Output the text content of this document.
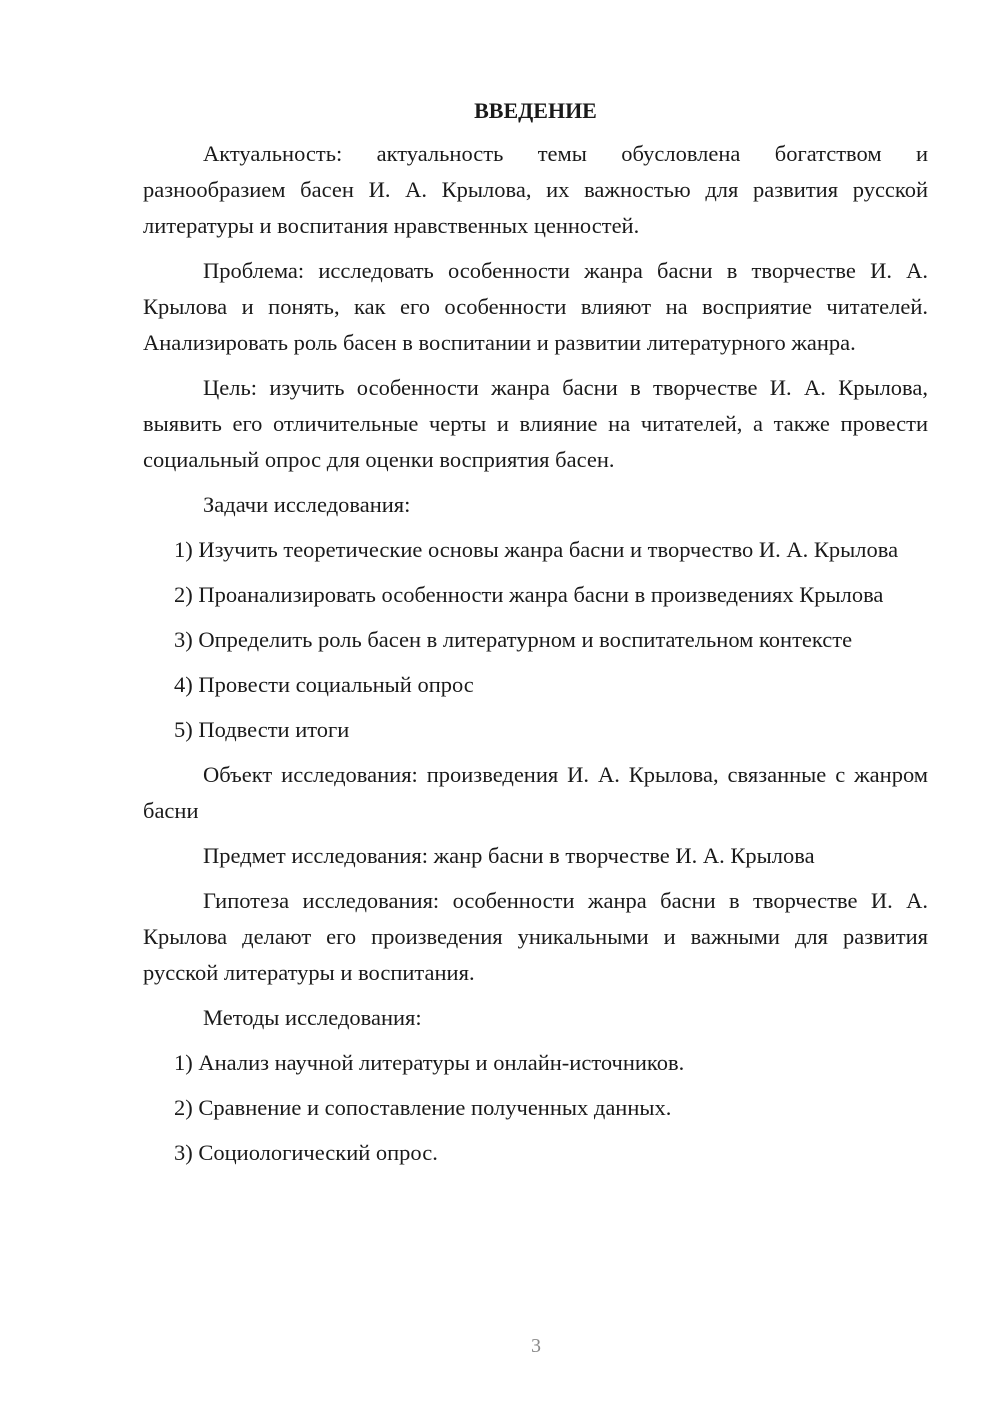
ВВЕДЕНИЕ
Актуальность: актуальность темы обусловлена богатством и разнообразием басен И. А. Крылова, их важностью для развития русской литературы и воспитания нравственных ценностей.
Проблема: исследовать особенности жанра басни в творчестве И. А. Крылова и понять, как его особенности влияют на восприятие читателей. Анализировать роль басен в воспитании и развитии литературного жанра.
Цель: изучить особенности жанра басни в творчестве И. А. Крылова, выявить его отличительные черты и влияние на читателей, а также провести социальный опрос для оценки восприятия басен.
Задачи исследования:
1) Изучить теоретические основы жанра басни и творчество И. А. Крылова
2) Проанализировать особенности жанра басни в произведениях Крылова
3) Определить роль басен в литературном и воспитательном контексте
4) Провести социальный опрос
5) Подвести итоги
Объект исследования: произведения И. А. Крылова, связанные с жанром басни
Предмет исследования: жанр басни в творчестве И. А. Крылова
Гипотеза исследования: особенности жанра басни в творчестве И. А. Крылова делают его произведения уникальными и важными для развития русской литературы и воспитания.
Методы исследования:
1) Анализ научной литературы и онлайн-источников.
2) Сравнение и сопоставление полученных данных.
3) Социологический опрос.
3
